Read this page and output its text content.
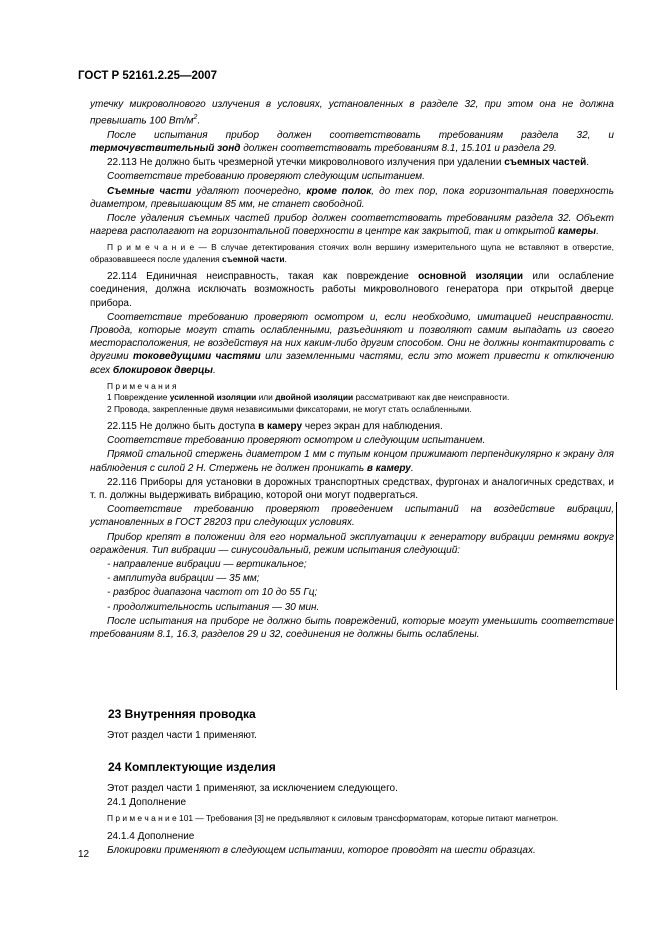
ГОСТ Р 52161.2.25—2007

утечку микроволнового излучения в условиях, установленных в разделе 32, при этом она не должна превышать 100 $Вт/м^2$.

После испытания прибор должен соответствовать требованиям раздела 32, и термочувствительный зонд должен соответствовать требованиям 8.1, 15.101 и раздела 29.

22.113 Не должно быть чрезмерной утечки микроволнового излучения при удалении съемных частей.

Соответствие требованию проверяют следующим испытанием.

Съемные части удаляют поочередно, кроме полок, до тех пор, пока горизонтальная поверхность диаметром, превышающим 85 мм, не станет свободной.

После удаления съемных частей прибор должен соответствовать требованиям раздела 32. Объект нагрева располагают на горизонтальной поверхности в центре как закрытой, так и открытой камеры.

П р и м е ч а н и е — В случае детектирования стоячих волн вершину измерительного щупа не вставляют в отверстие, образовавшееся после удаления съемной части.

22.114 Единичная неисправность, такая как повреждение основной изоляции или ослабление соединения, должна исключать возможность работы микроволнового генератора при открытой дверце прибора.

Соответствие требованию проверяют осмотром и, если необходимо, имитацией неисправности. Провода, которые могут стать ослабленными, разъединяют и позволяют самим выпадать из своего месторасположения, не воздействуя на них каким-либо другим способом. Они не должны контактировать с другими токоведущими частями или заземленными частями, если это может привести к отключению всех блокировок дверцы.

П р и м е ч а н и я

1 Повреждение усиленной изоляции или двойной изоляции рассматривают как две неисправности.

2 Провода, закрепленные двумя независимыми фиксаторами, не могут стать ослабленными.

22.115 Не должно быть доступа в камеру через экран для наблюдения.

Соответствие требованию проверяют осмотром и следующим испытанием.

Прямой стальной стержень диаметром 1 мм с тупым концом прижимают перпендикулярно к экрану для наблюдения с силой 2 Н. Стержень не должен проникать в камеру.

22.116 Приборы для установки в дорожных транспортных средствах, фургонах и аналогичных средствах, и т. п. должны выдерживать вибрацию, которой они могут подвергаться.

Соответствие требованию проверяют проведением испытаний на воздействие вибрации, установленных в ГОСТ 28203 при следующих условиях.

Прибор крепят в положении для его нормальной эксплуатации к генератору вибрации ремнями вокруг ограждения. Тип вибрации — синусоидальный, режим испытания следующий:

- направление вибрации — вертикальное;

- амплитуда вибрации — 35 мм;

- разброс диапазона частот от 10 до 55 Гц;

- продолжительность испытания — 30 мин.

После испытания на приборе не должно быть повреждений, которые могут уменьшить соответствие требованиям 8.1, 16.3, разделов 29 и 32, соединения не должны быть ослаблены.

23 Внутренняя проводка

Этот раздел части 1 применяют.

24 Комплектующие изделия

Этот раздел части 1 применяют, за исключением следующего.

24.1 Дополнение

П р и м е ч а н и е 101 — Требования [3] не предъявляют к силовым трансформаторам, которые питают магнетрон.

24.1.4 Дополнение

Блокировки применяют в следующем испытании, которое проводят на шести образцах.

12
